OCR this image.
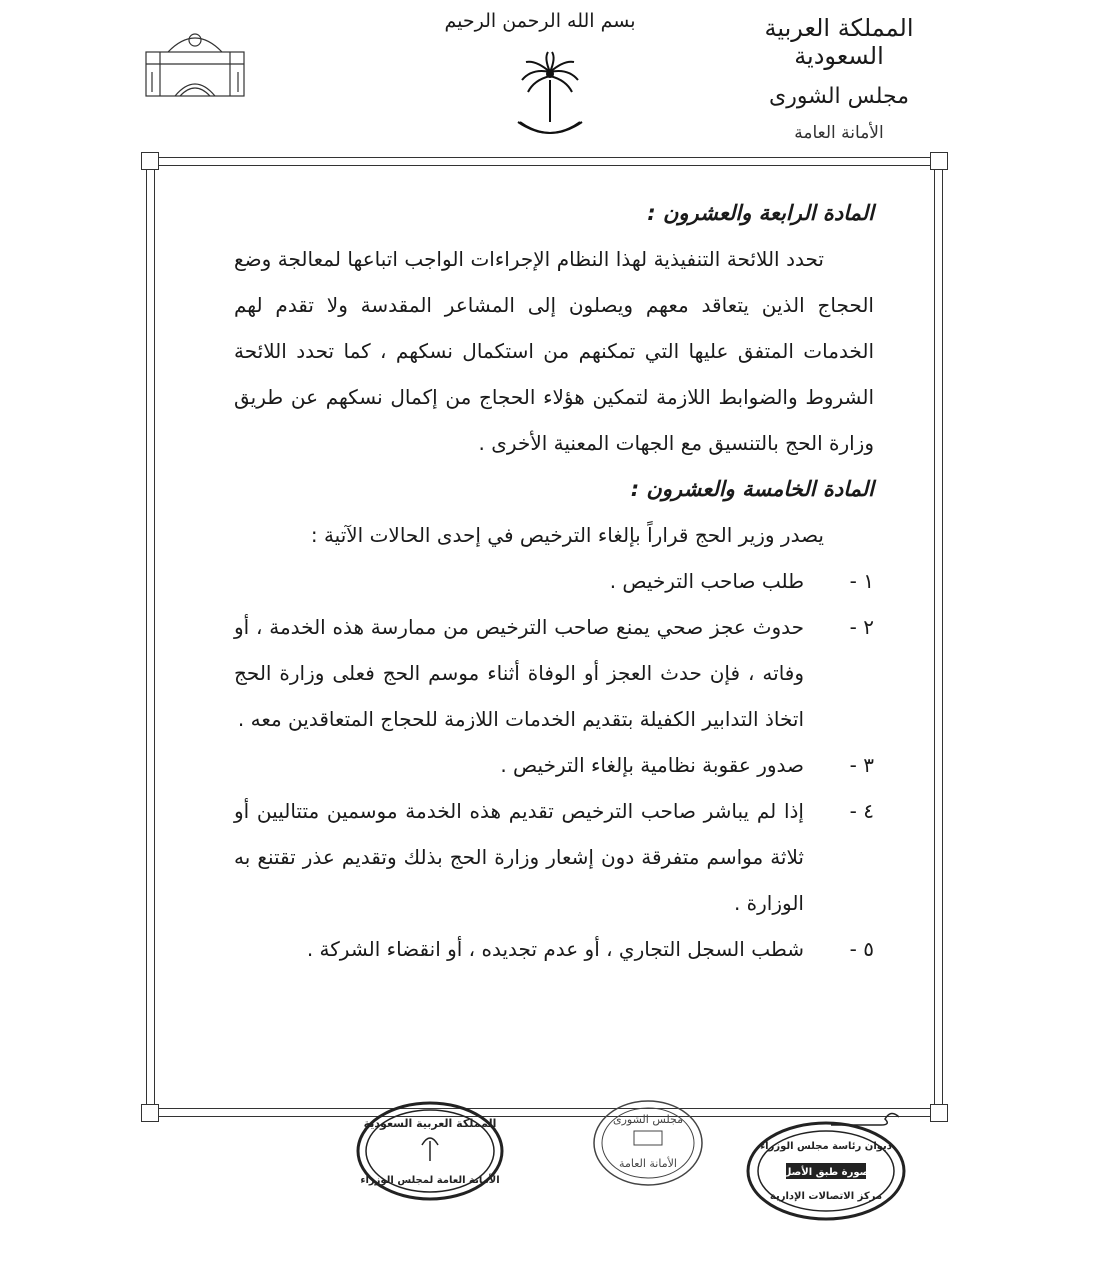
المملكة العربية السعودية
مجلس الشورى
الأمانة العامة
بسم الله الرحمن الرحيم
المادة الرابعة والعشرون :

تحدد اللائحة التنفيذية لهذا النظام الإجراءات الواجب اتباعها لمعالجة وضع الحجاج الذين يتعاقد معهم ويصلون إلى المشاعر المقدسة ولا تقدم لهم الخدمات المتفق عليها التي تمكنهم من استكمال نسكهم ، كما تحدد اللائحة الشروط والضوابط اللازمة لتمكين هؤلاء الحجاج من إكمال نسكهم عن طريق وزارة الحج بالتنسيق مع الجهات المعنية الأخرى .

المادة الخامسة والعشرون :

يصدر وزير الحج قراراً بإلغاء الترخيص في إحدى الحالات الآتية :

١ -
طلب صاحب الترخيص .
٢ -
حدوث عجز صحي يمنع صاحب الترخيص من ممارسة هذه الخدمة ، أو وفاته ، فإن حدث العجز أو الوفاة أثناء موسم الحج فعلى وزارة الحج اتخاذ التدابير الكفيلة بتقديم الخدمات اللازمة للحجاج المتعاقدين معه .
٣ -
صدور عقوبة نظامية بإلغاء الترخيص .
٤ -
إذا لم يباشر صاحب الترخيص تقديم هذه الخدمة موسمين متتاليين أو ثلاثة مواسم متفرقة دون إشعار وزارة الحج بذلك وتقديم عذر تقتنع به الوزارة .
٥ -
شطب السجل التجاري ، أو عدم تجديده ، أو انقضاء الشركة .
المملكة العربية السعودية
الأمانة العامة لمجلس الوزراء
مجلس الشورى
الأمانة العامة
ديوان رئاسة مجلس الوزراء
صورة طبق الأصل
مركز الاتصالات الإدارية
